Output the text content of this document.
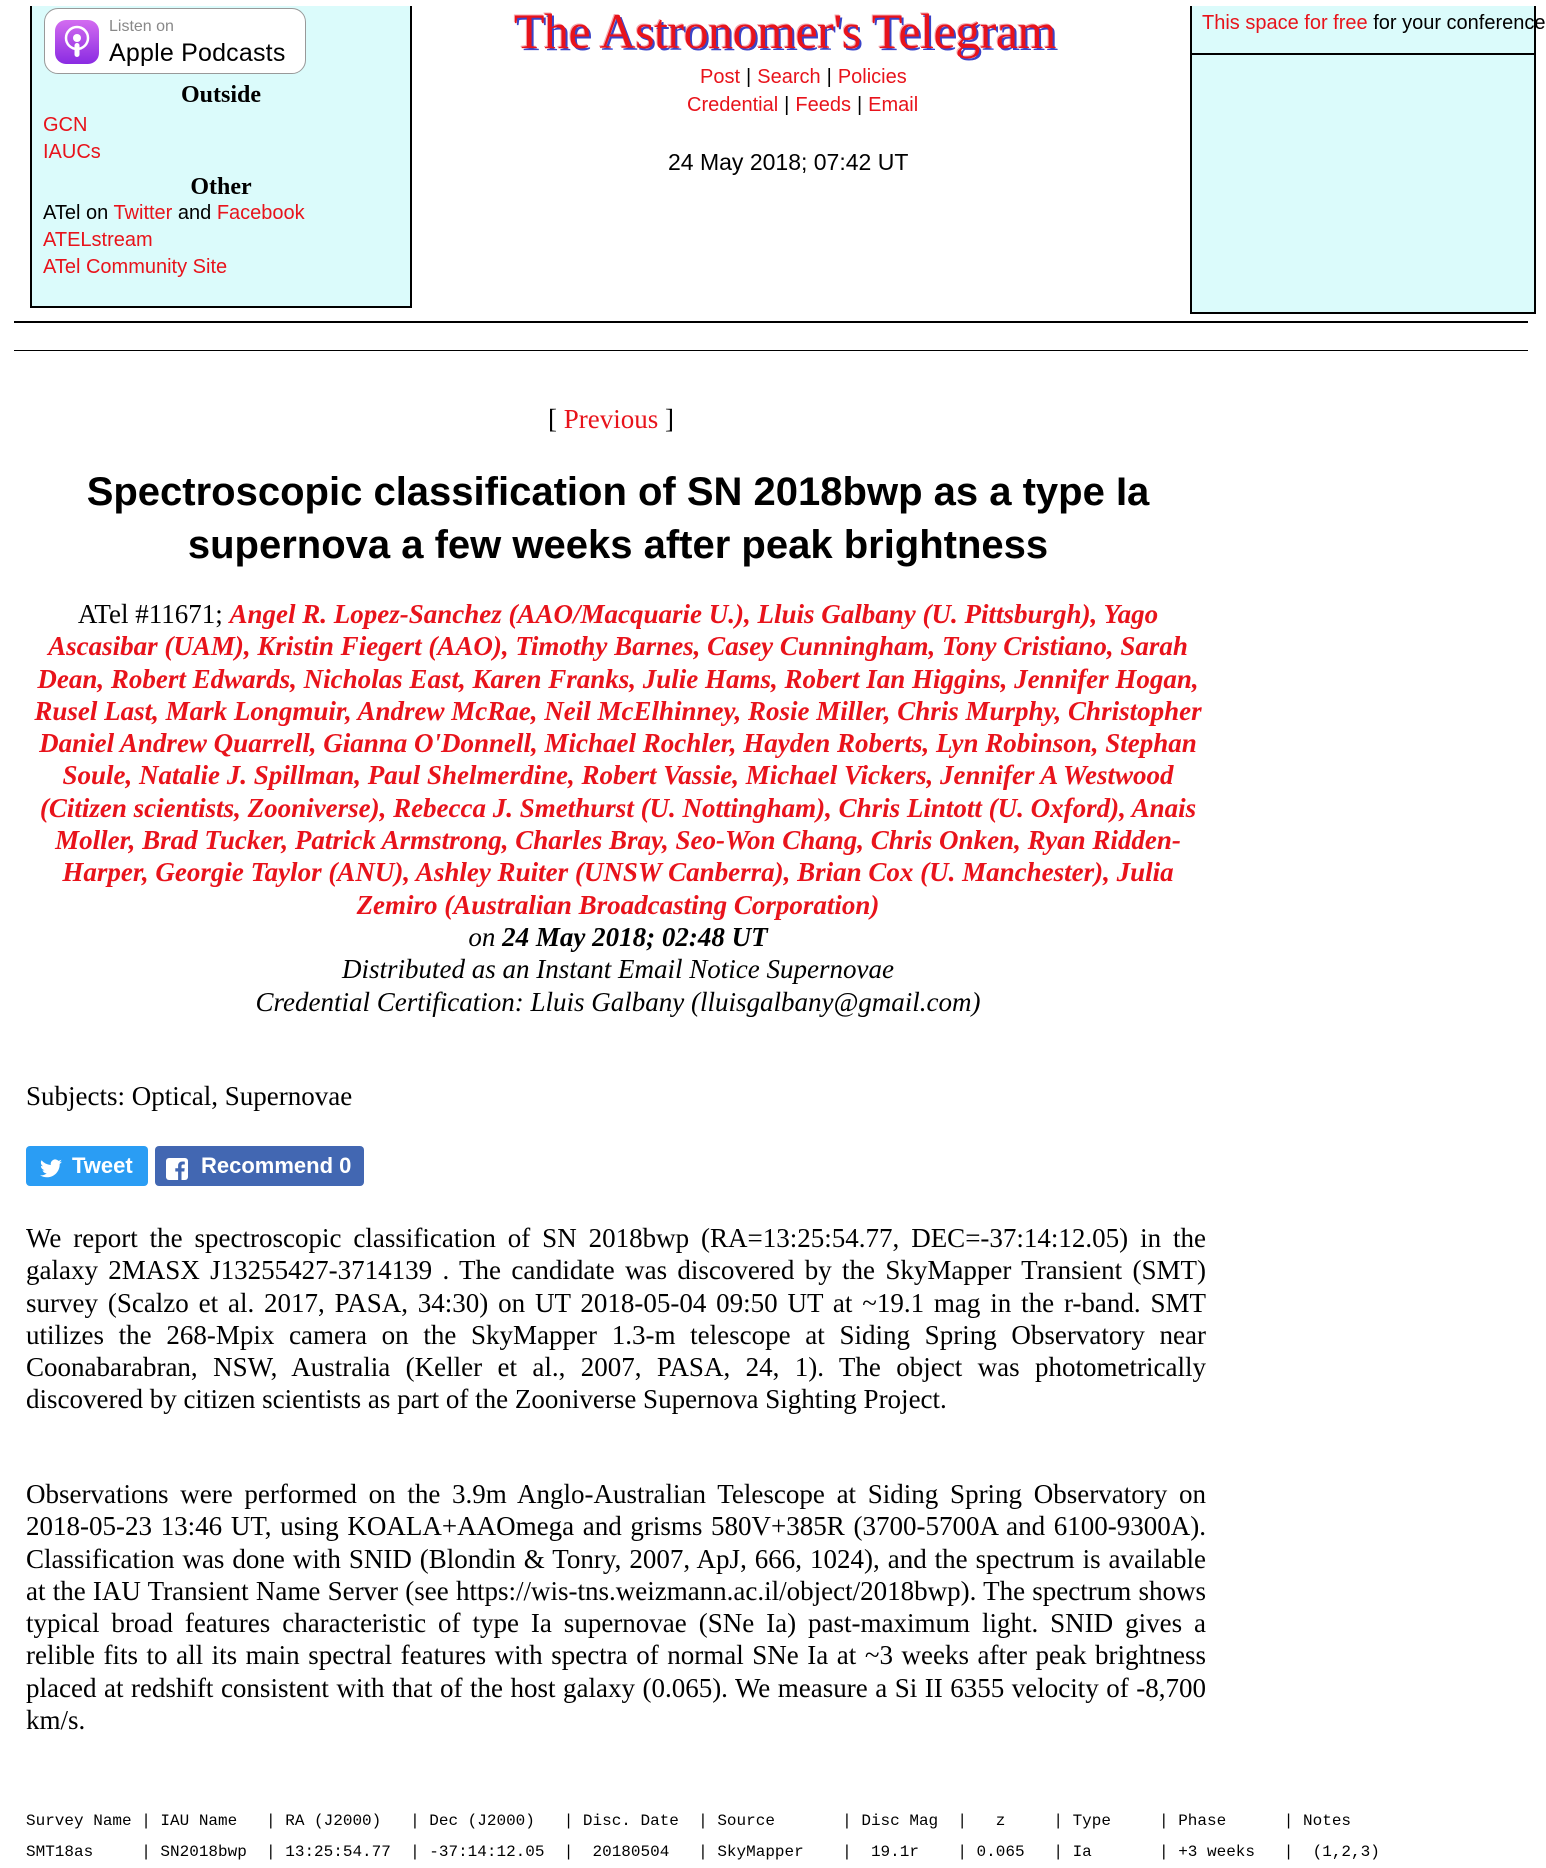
Listen on
Apple Podcasts
Outside
GCN
IAUCs
Other
ATel on Twitter and Facebook
ATELstream
ATel Community Site
The Astronomer's Telegram
Post | Search | Policies
Credential | Feeds | Email
24 May 2018; 07:42 UT
This space for free for your conference
[ Previous ]
Spectroscopic classification of SN 2018bwp as a type Ia supernova a few weeks after peak brightness
ATel #11671; Angel R. Lopez-Sanchez (AAO/Macquarie U.), Lluis Galbany (U. Pittsburgh), Yago Ascasibar (UAM), Kristin Fiegert (AAO), Timothy Barnes, Casey Cunningham, Tony Cristiano, Sarah Dean, Robert Edwards, Nicholas East, Karen Franks, Julie Hams, Robert Ian Higgins, Jennifer Hogan, Rusel Last, Mark Longmuir, Andrew McRae, Neil McElhinney, Rosie Miller, Chris Murphy, Christopher Daniel Andrew Quarrell, Gianna O'Donnell, Michael Rochler, Hayden Roberts, Lyn Robinson, Stephan Soule, Natalie J. Spillman, Paul Shelmerdine, Robert Vassie, Michael Vickers, Jennifer A Westwood (Citizen scientists, Zooniverse), Rebecca J. Smethurst (U. Nottingham), Chris Lintott (U. Oxford), Anais Moller, Brad Tucker, Patrick Armstrong, Charles Bray, Seo-Won Chang, Chris Onken, Ryan Ridden-Harper, Georgie Taylor (ANU), Ashley Ruiter (UNSW Canberra), Brian Cox (U. Manchester), Julia Zemiro (Australian Broadcasting Corporation)
on 24 May 2018; 02:48 UT
Distributed as an Instant Email Notice Supernovae
Credential Certification: Lluis Galbany (lluisgalbany@gmail.com)
Subjects: Optical, Supernovae
Tweet	Recommend 0
We report the spectroscopic classification of SN 2018bwp (RA=13:25:54.77, DEC=-37:14:12.05) in the galaxy 2MASX J13255427-3714139 . The candidate was discovered by the SkyMapper Transient (SMT) survey (Scalzo et al. 2017, PASA, 34:30) on UT 2018-05-04 09:50 UT at ~19.1 mag in the r-band. SMT utilizes the 268-Mpix camera on the SkyMapper 1.3-m telescope at Siding Spring Observatory near Coonabarabran, NSW, Australia (Keller et al., 2007, PASA, 24, 1). The object was photometrically discovered by citizen scientists as part of the Zooniverse Supernova Sighting Project.
Observations were performed on the 3.9m Anglo-Australian Telescope at Siding Spring Observatory on 2018-05-23 13:46 UT, using KOALA+AAOmega and grisms 580V+385R (3700-5700A and 6100-9300A). Classification was done with SNID (Blondin & Tonry, 2007, ApJ, 666, 1024), and the spectrum is available at the IAU Transient Name Server (see https://wis-tns.weizmann.ac.il/object/2018bwp). The spectrum shows typical broad features characteristic of type Ia supernovae (SNe Ia) past-maximum light. SNID gives a relible fits to all its main spectral features with spectra of normal SNe Ia at ~3 weeks after peak brightness placed at redshift consistent with that of the host galaxy (0.065). We measure a Si II 6355 velocity of -8,700 km/s.
Survey Name | IAU Name   | RA (J2000)   | Dec (J2000)   | Disc. Date  | Source       | Disc Mag  |   z     | Type     | Phase      | Notes
SMT18as     | SN2018bwp  | 13:25:54.77  | -37:14:12.05  |  20180504   | SkyMapper    |  19.1r    | 0.065   | Ia       | +3 weeks   |  (1,2,3)
